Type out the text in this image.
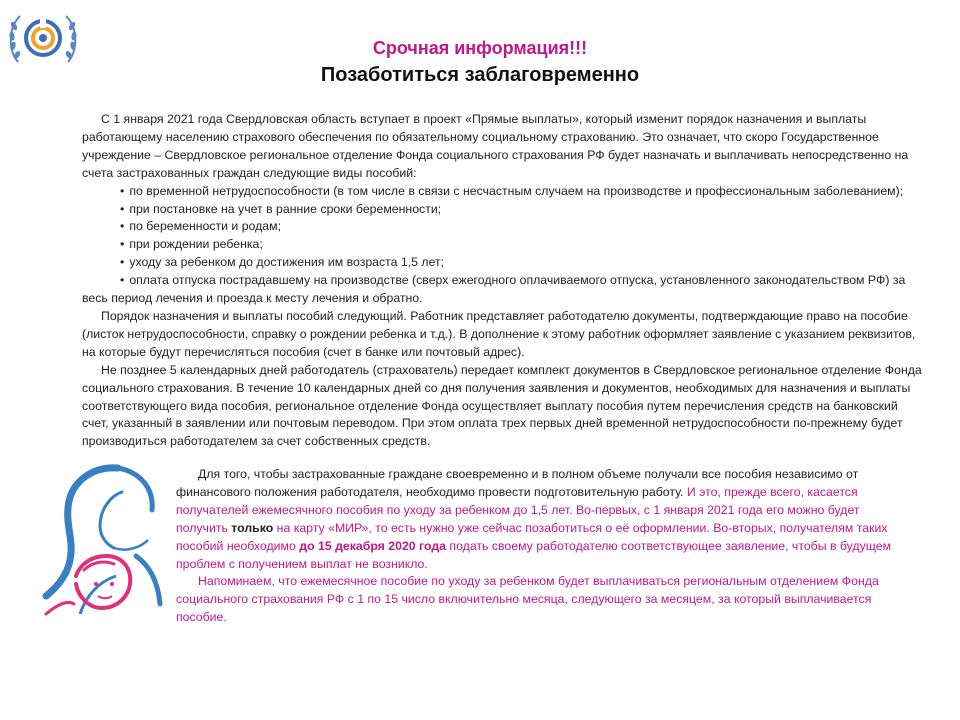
Срочная информация!!!
Позаботиться заблаговременно

С 1 января 2021 года Свердловская область вступает в проект «Прямые выплаты», который изменит порядок назначения и выплаты работающему населению страхового обеспечения по обязательному социальному страхованию. Это означает, что скоро Государственное учреждение – Свердловское региональное отделение Фонда социального страхования РФ будет назначать и выплачивать непосредственно на счета застрахованных граждан следующие виды пособий:

• по временной нетрудоспособности (в том числе в связи с несчастным случаем на производстве и профессиональным заболеванием);
• при постановке на учет в ранние сроки беременности;
• по беременности и родам;
• при рождении ребенка;
• уходу за ребенком до достижения им возраста 1,5 лет;
• оплата отпуска пострадавшему на производстве (сверх ежегодного оплачиваемого отпуска, установленного законодательством РФ) за весь период лечения и проезда к месту лечения и обратно.

Порядок назначения и выплаты пособий следующий. Работник представляет работодателю документы, подтверждающие право на пособие (листок нетрудоспособности, справку о рождении ребенка и т.д.). В дополнение к этому работник оформляет заявление с указанием реквизитов, на которые будут перечисляться пособия (счет в банке или почтовый адрес).

Не позднее 5 календарных дней работодатель (страхователь) передает комплект документов в Свердловское региональное отделение Фонда социального страхования. В течение 10 календарных дней со дня получения заявления и документов, необходимых для назначения и выплаты соответствующего вида пособия, региональное отделение Фонда осуществляет выплату пособия путем перечисления средств на банковский счет, указанный в заявлении или почтовым переводом. При этом оплата трех первых дней временной нетрудоспособности по-прежнему будет производиться работодателем за счет собственных средств.

Для того, чтобы застрахованные граждане своевременно и в полном объеме получали все пособия независимо от финансового положения работодателя, необходимо провести подготовительную работу. И это, прежде всего, касается получателей ежемесячного пособия по уходу за ребенком до 1,5 лет. Во-первых, с 1 января 2021 года его можно будет получить только на карту «МИР», то есть нужно уже сейчас позаботиться о её оформлении. Во-вторых, получателям таких пособий необходимо до 15 декабря 2020 года подать своему работодателю соответствующее заявление, чтобы в будущем проблем с получением выплат не возникло.

Напоминаем, что ежемесячное пособие по уходу за ребенком будет выплачиваться региональным отделением Фонда социального страхования РФ с 1 по 15 число включительно месяца, следующего за месяцем, за который выплачивается пособие.
